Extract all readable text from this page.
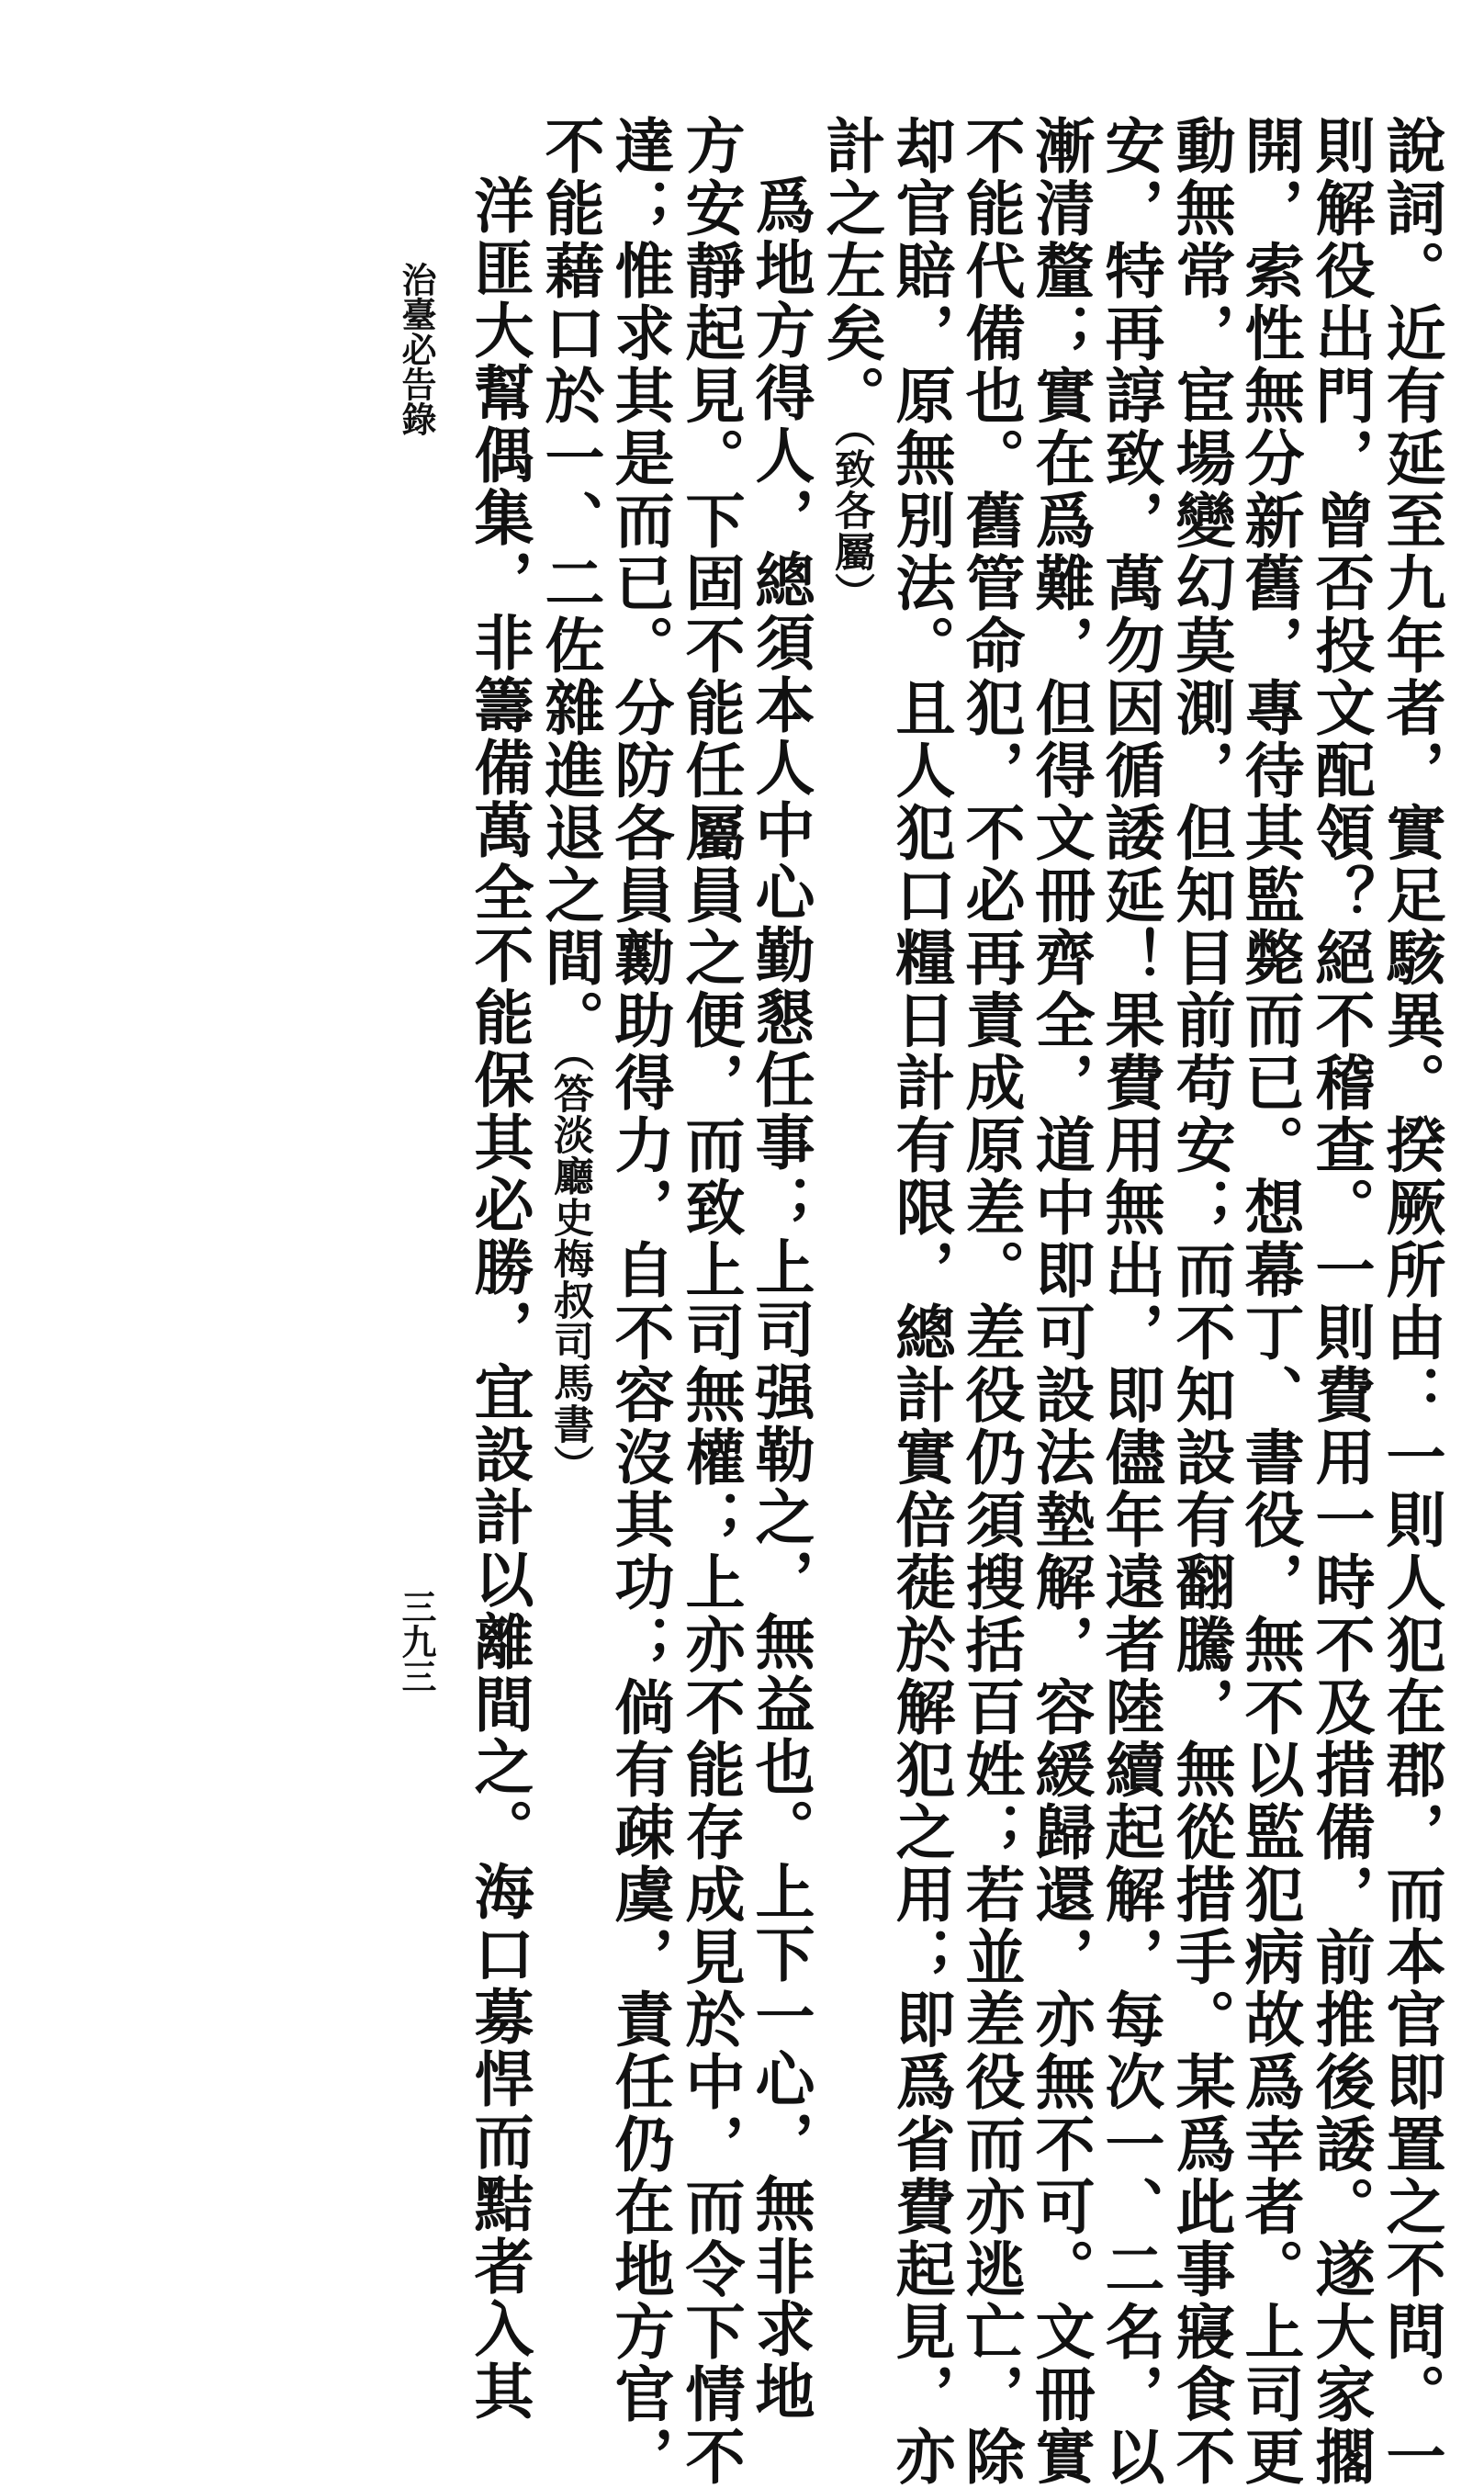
說詞。近有延至九年者，實足駭異。揆厥所由：一則人犯在郡，而本官即置之不問。一
則解役出門，曾否投文配領？絕不稽查。一則費用一時不及措備，前推後諉。遂大家擱
開，索性無分新舊，專待其監斃而已。想幕丁、書役，無不以監犯病故爲幸者。上司更
動無常，宦場變幻莫測，但知目前苟安；而不知設有翻騰，無從措手。某爲此事寢食不
安，特再諄致，萬勿因循諉延！果費用無出，即儘年遠者陸續起解，每次一、二名，以
漸清釐；實在爲難，但得文冊齊全，道中即可設法墊解，容緩歸還，亦無不可。文冊實
不能代備也。舊管命犯，不必再責成原差。差役仍須搜括百姓；若並差役而亦逃亡，除
却官賠，原無別法。且人犯口糧日計有限，總計實倍蓰於解犯之用；即爲省費起見，亦
計之左矣。（致各屬）
爲地方得人，總須本人中心勤懇任事；上司强勒之，無益也。上下一心，無非求地
方安靜起見。下固不能任屬員之便，而致上司無權；上亦不能存成見於中，而令下情不
達；惟求其是而已。分防各員勷助得力，自不容沒其功；倘有疎虞，責任仍在地方官，
不能藉口於一、二佐雜進退之間。（答淡廳史梅叔司馬書）
洋匪大幫偶集，非籌備萬全不能保其必勝，宜設計以離間之。海口募悍而黠者入其
治臺必告錄
三九三
